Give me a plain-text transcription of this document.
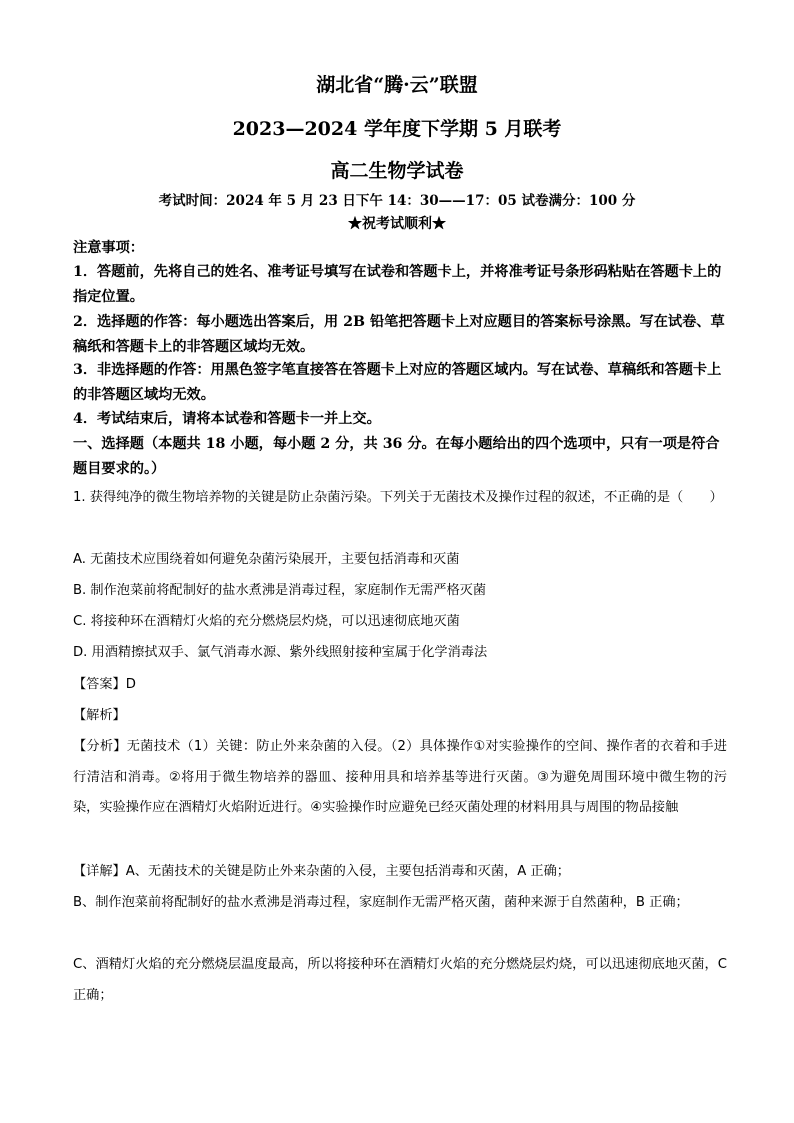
湖北省“腾·云”联盟
2023—2024 学年度下学期 5 月联考
高二生物学试卷
考试时间：2024 年 5 月 23 日下午 14：30——17：05 试卷满分：100 分
★祝考试顺利★
注意事项：
1．答题前，先将自己的姓名、准考证号填写在试卷和答题卡上，并将准考证号条形码粘贴在答题卡上的指定位置。
2．选择题的作答：每小题选出答案后，用 2B 铅笔把答题卡上对应题目的答案标号涂黑。写在试卷、草稿纸和答题卡上的非答题区域均无效。
3．非选择题的作答：用黑色签字笔直接答在答题卡上对应的答题区域内。写在试卷、草稿纸和答题卡上的非答题区域均无效。
4．考试结束后，请将本试卷和答题卡一并上交。
一、选择题（本题共 18 小题，每小题 2 分，共 36 分。在每小题给出的四个选项中，只有一项是符合题目要求的。）
1. 获得纯净的微生物培养物的关键是防止杂菌污染。下列关于无菌技术及操作过程的叙述，不正确的是（　　）
A. 无菌技术应围绕着如何避免杂菌污染展开，主要包括消毒和灭菌
B. 制作泡菜前将配制好的盐水煮沸是消毒过程，家庭制作无需严格灭菌
C. 将接种环在酒精灯火焰的充分燃烧层灼烧，可以迅速彻底地灭菌
D. 用酒精擦拭双手、氯气消毒水源、紫外线照射接种室属于化学消毒法
【答案】D
【解析】
【分析】无菌技术（1）关键：防止外来杂菌的入侵。（2）具体操作①对实验操作的空间、操作者的衣着和手进行清洁和消毒。②将用于微生物培养的器皿、接种用具和培养基等进行灭菌。③为避免周围环境中微生物的污染，实验操作应在酒精灯火焰附近进行。④实验操作时应避免已经灭菌处理的材料用具与周围的物品接触
【详解】A、无菌技术的关键是防止外来杂菌的入侵，主要包括消毒和灭菌，A 正确；
B、制作泡菜前将配制好的盐水煮沸是消毒过程，家庭制作无需严格灭菌，菌种来源于自然菌种，B 正确；
C、酒精灯火焰的充分燃烧层温度最高，所以将接种环在酒精灯火焰的充分燃烧层灼烧，可以迅速彻底地灭菌，C 正确；
